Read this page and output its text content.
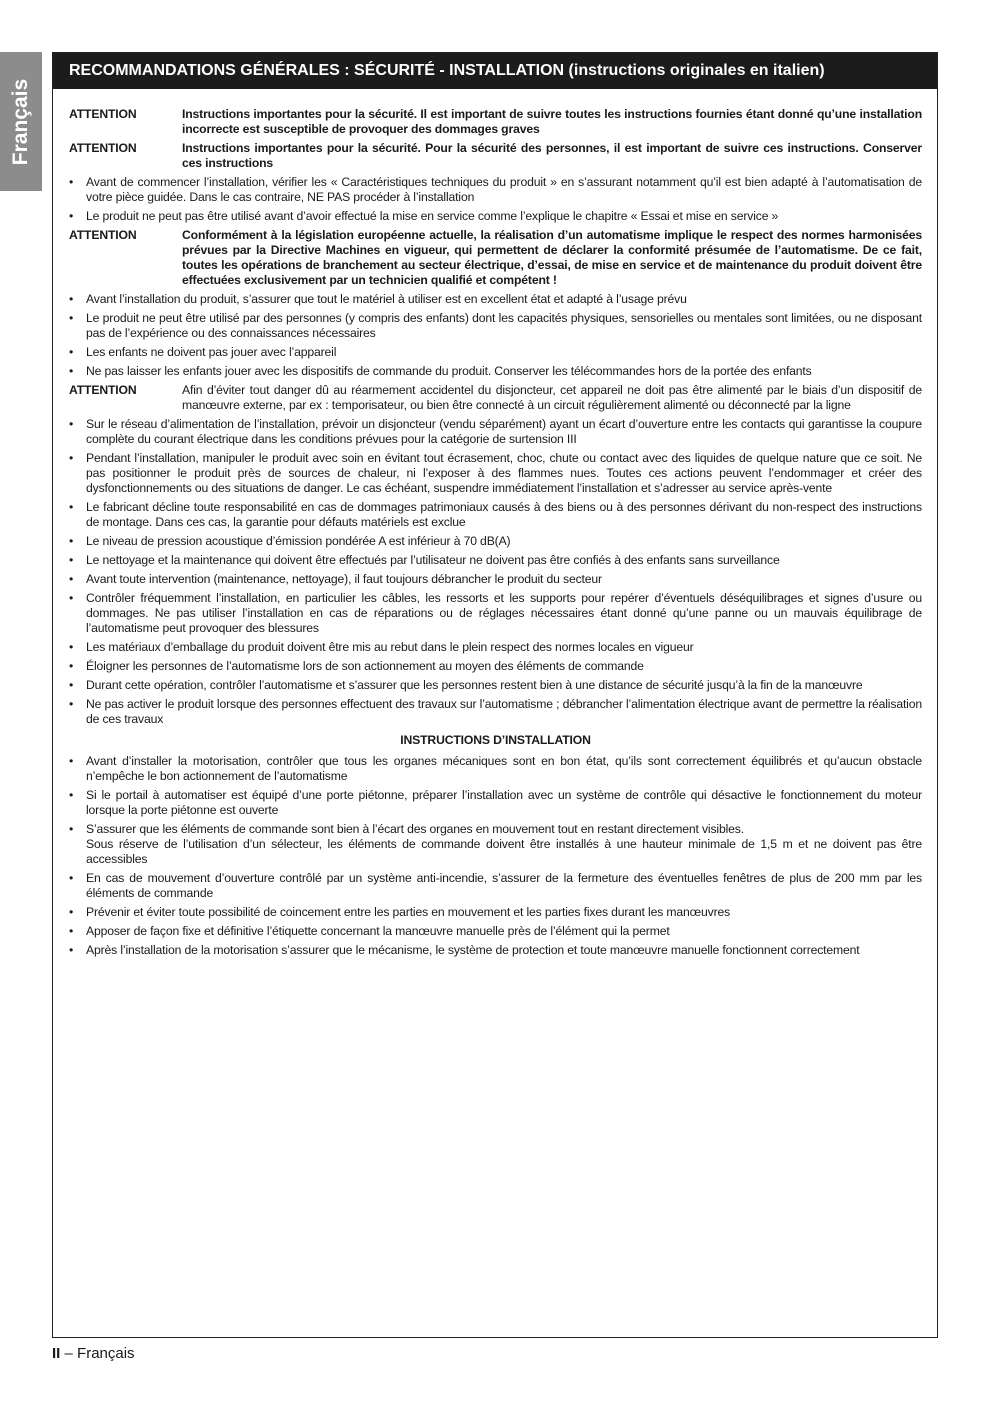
Français
RECOMMANDATIONS GÉNÉRALES : SÉCURITÉ - INSTALLATION (instructions originales en italien)
ATTENTION	Instructions importantes pour la sécurité. Il est important de suivre toutes les instructions fournies étant donné qu’une installation incorrecte est susceptible de provoquer des dommages graves
ATTENTION	Instructions importantes pour la sécurité. Pour la sécurité des personnes, il est important de suivre ces instructions. Conserver ces instructions
•	Avant de commencer l’installation, vérifier les « Caractéristiques techniques du produit » en s’assurant notamment qu’il est bien adapté à l’automatisation de votre pièce guidée. Dans le cas contraire, NE PAS procéder à l’installation
•	Le produit ne peut pas être utilisé avant d’avoir effectué la mise en service comme l’explique le chapitre « Essai et mise en service »
ATTENTION	Conformément à la législation européenne actuelle, la réalisation d’un automatisme implique le respect des normes harmonisées prévues par la Directive Machines en vigueur, qui permettent de déclarer la conformité présumée de l’automatisme. De ce fait, toutes les opérations de branchement au secteur électrique, d’essai, de mise en service et de maintenance du produit doivent être effectuées exclusivement par un technicien qualifié et compétent !
•	Avant l’installation du produit, s’assurer que tout le matériel à utiliser est en excellent état et adapté à l’usage prévu
•	Le produit ne peut être utilisé par des personnes (y compris des enfants) dont les capacités physiques, sensorielles ou mentales sont limitées, ou ne disposant pas de l’expérience ou des connaissances nécessaires
•	Les enfants ne doivent pas jouer avec l’appareil
•	Ne pas laisser les enfants jouer avec les dispositifs de commande du produit. Conserver les télécommandes hors de la portée des enfants
ATTENTION	Afin d’éviter tout danger dû au réarmement accidentel du disjoncteur, cet appareil ne doit pas être alimenté par le biais d’un dispositif de manœuvre externe, par ex : temporisateur, ou bien être connecté à un circuit régulièrement alimenté ou déconnecté par la ligne
•	Sur le réseau d’alimentation de l’installation, prévoir un disjoncteur (vendu séparément) ayant un écart d’ouverture entre les contacts qui garantisse la coupure complète du courant électrique dans les conditions prévues pour la catégorie de surtension III
•	Pendant l’installation, manipuler le produit avec soin en évitant tout écrasement, choc, chute ou contact avec des liquides de quelque nature que ce soit. Ne pas positionner le produit près de sources de chaleur, ni l’exposer à des flammes nues. Toutes ces actions peuvent l’endommager et créer des dysfonctionnements ou des situations de danger. Le cas échéant, suspendre immédiatement l’installation et s’adresser au service après-vente
•	Le fabricant décline toute responsabilité en cas de dommages patrimoniaux causés à des biens ou à des personnes dérivant du non-respect des instructions de montage. Dans ces cas, la garantie pour défauts matériels est exclue
•	Le niveau de pression acoustique d’émission pondérée A est inférieur à 70 dB(A)
•	Le nettoyage et la maintenance qui doivent être effectués par l’utilisateur ne doivent pas être confiés à des enfants sans surveillance
•	Avant toute intervention (maintenance, nettoyage), il faut toujours débrancher le produit du secteur
•	Contrôler fréquemment l’installation, en particulier les câbles, les ressorts et les supports pour repérer d’éventuels déséquilibrages et signes d’usure ou dommages. Ne pas utiliser l’installation en cas de réparations ou de réglages nécessaires étant donné qu’une panne ou un mauvais équilibrage de l’automatisme peut provoquer des blessures
•	Les matériaux d’emballage du produit doivent être mis au rebut dans le plein respect des normes locales en vigueur
•	Éloigner les personnes de l’automatisme lors de son actionnement au moyen des éléments de commande
•	Durant cette opération, contrôler l’automatisme et s’assurer que les personnes restent bien à une distance de sécurité jusqu’à la fin de la manœuvre
•	Ne pas activer le produit lorsque des personnes effectuent des travaux sur l’automatisme ; débrancher l’alimentation électrique avant de permettre la réalisation de ces travaux
INSTRUCTIONS D’INSTALLATION
•	Avant d’installer la motorisation, contrôler que tous les organes mécaniques sont en bon état, qu’ils sont correctement équilibrés et qu’aucun obstacle n’empêche le bon actionnement de l’automatisme
•	Si le portail à automatiser est équipé d’une porte piétonne, préparer l’installation avec un système de contrôle qui désactive le fonctionnement du moteur lorsque la porte piétonne est ouverte
•	S’assurer que les éléments de commande sont bien à l’écart des organes en mouvement tout en restant directement visibles.
Sous réserve de l’utilisation d’un sélecteur, les éléments de commande doivent être installés à une hauteur minimale de 1,5 m et ne doivent pas être accessibles
•	En cas de mouvement d’ouverture contrôlé par un système anti-incendie, s’assurer de la fermeture des éventuelles fenêtres de plus de 200 mm par les éléments de commande
•	Prévenir et éviter toute possibilité de coincement entre les parties en mouvement et les parties fixes durant les manœuvres
•	Apposer de façon fixe et définitive l’étiquette concernant la manœuvre manuelle près de l’élément qui la permet
•	Après l’installation de la motorisation s’assurer que le mécanisme, le système de protection et toute manœuvre manuelle fonctionnent correctement
II – Français
